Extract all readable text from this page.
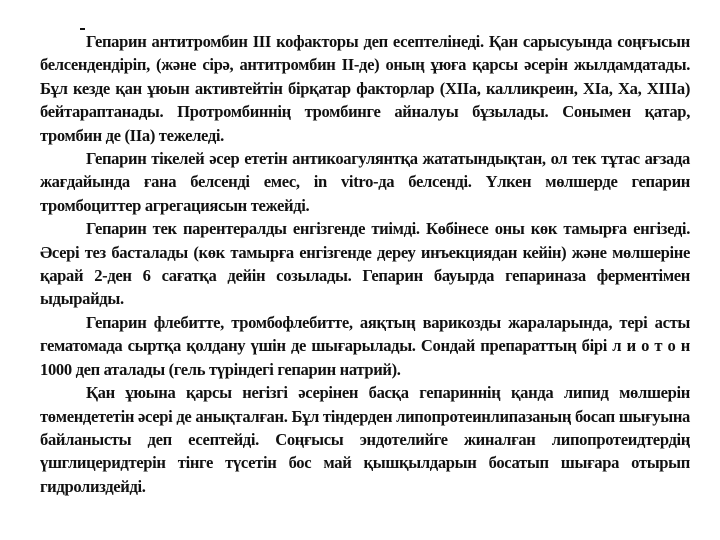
Гепарин антитромбин III кофакторы деп есептелінеді. Қан сарысуында соңғысын белсендендіріп, (және сірә, антитромбин II-де) оның ұюға қарсы әсерін жылдамдатады. Бұл кезде қан ұюын активтейтін бірқатар факторлар (XIIa, калликреин, XIa, Xa, XIIIa) бейтараптанады. Протромбиннің тромбинге айналуы бұзылады. Сонымен қатар, тромбин де (IIa) тежеледі.

Гепарин тікелей әсер ететін антикоагулянтқа жататындықтан, ол тек тұтас ағзада жағдайында ғана белсенді емес, in vitro-да белсенді. Үлкен мөлшерде гепарин тромбоциттер агрегациясын тежейді.

Гепарин тек парентералды енгізгенде тиімді. Көбінесе оны көк тамырға енгізеді. Әсері тез басталады (көк тамырға енгізгенде дереу инъекциядан кейін) және мөлшеріне қарай 2-ден 6 сағатқа дейін созылады. Гепарин бауырда гепариназа ферментімен ыдырайды.

Гепарин флебитте, тромбофлебитте, аяқтың варикозды жараларында, тері асты гематомада сыртқа қолдану үшін де шығарылады. Сондай препараттың бірі л и о т о н 1000 деп аталады (гель түріндегі гепарин натрий).

Қан ұюына қарсы негізгі әсерінен басқа гепариннің қанда липид мөлшерін төмендететін әсері де анықталған. Бұл тіндерден липопротеинлипазаның босап шығуына байланысты деп есептейді. Соңғысы эндотелийге жиналған липопротеидтердің үшглицеридтерін тінге түсетін бос май қышқылдарын босатып шығара отырып гидролиздейді.
